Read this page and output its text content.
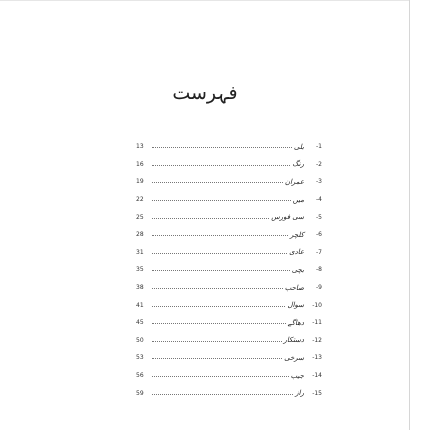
فہرست
13	بلی	-1
16	رنگ	-2
19	عمران	-3
22	میں	-4
25	سی فورس	-5
28	کلچر	-6
31	عادی	-7
35	بچی	-8
38	صاحب	-9
41	سوال	-10
45	دھاگے	-11
50	دستکار	-12
53	سرخی	-13
56	جیب	-14
59	راز	-15
